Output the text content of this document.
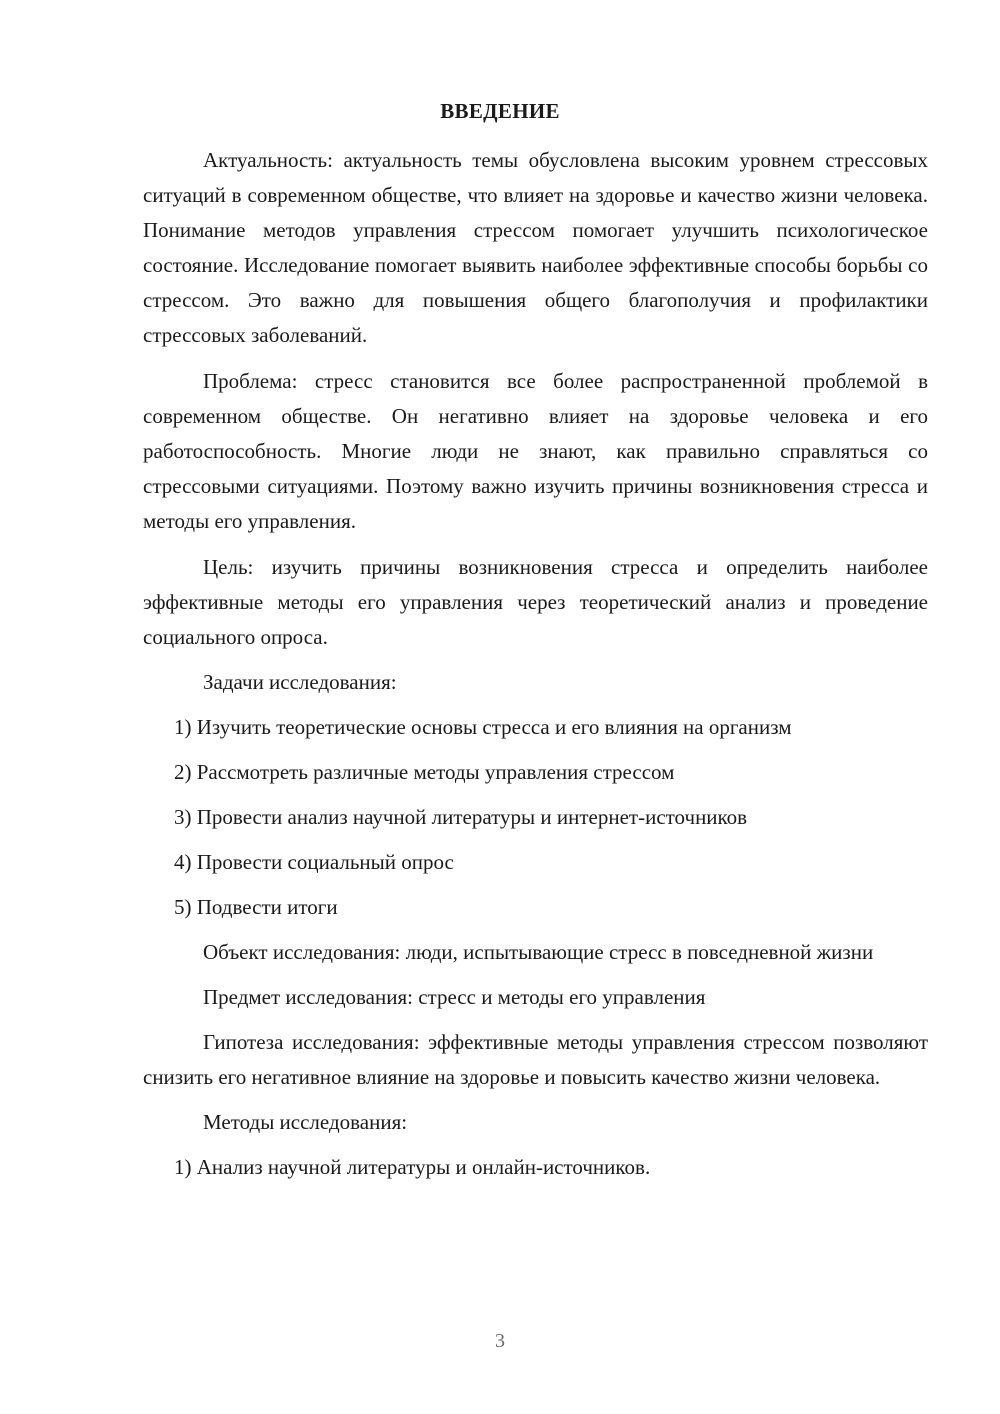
ВВЕДЕНИЕ

Актуальность: актуальность темы обусловлена высоким уровнем стрессовых ситуаций в современном обществе, что влияет на здоровье и качество жизни человека. Понимание методов управления стрессом помогает улучшить психологическое состояние. Исследование помогает выявить наиболее эффективные способы борьбы со стрессом. Это важно для повышения общего благополучия и профилактики стрессовых заболеваний.

Проблема: стресс становится все более распространенной проблемой в современном обществе. Он негативно влияет на здоровье человека и его работоспособность. Многие люди не знают, как правильно справляться со стрессовыми ситуациями. Поэтому важно изучить причины возникновения стресса и методы его управления.

Цель: изучить причины возникновения стресса и определить наиболее эффективные методы его управления через теоретический анализ и проведение социального опроса.

Задачи исследования:

1) Изучить теоретические основы стресса и его влияния на организм

2) Рассмотреть различные методы управления стрессом

3) Провести анализ научной литературы и интернет-источников

4) Провести социальный опрос

5) Подвести итоги

Объект исследования: люди, испытывающие стресс в повседневной жизни

Предмет исследования: стресс и методы его управления

Гипотеза исследования: эффективные методы управления стрессом позволяют снизить его негативное влияние на здоровье и повысить качество жизни человека.

Методы исследования:

1) Анализ научной литературы и онлайн-источников.

3
